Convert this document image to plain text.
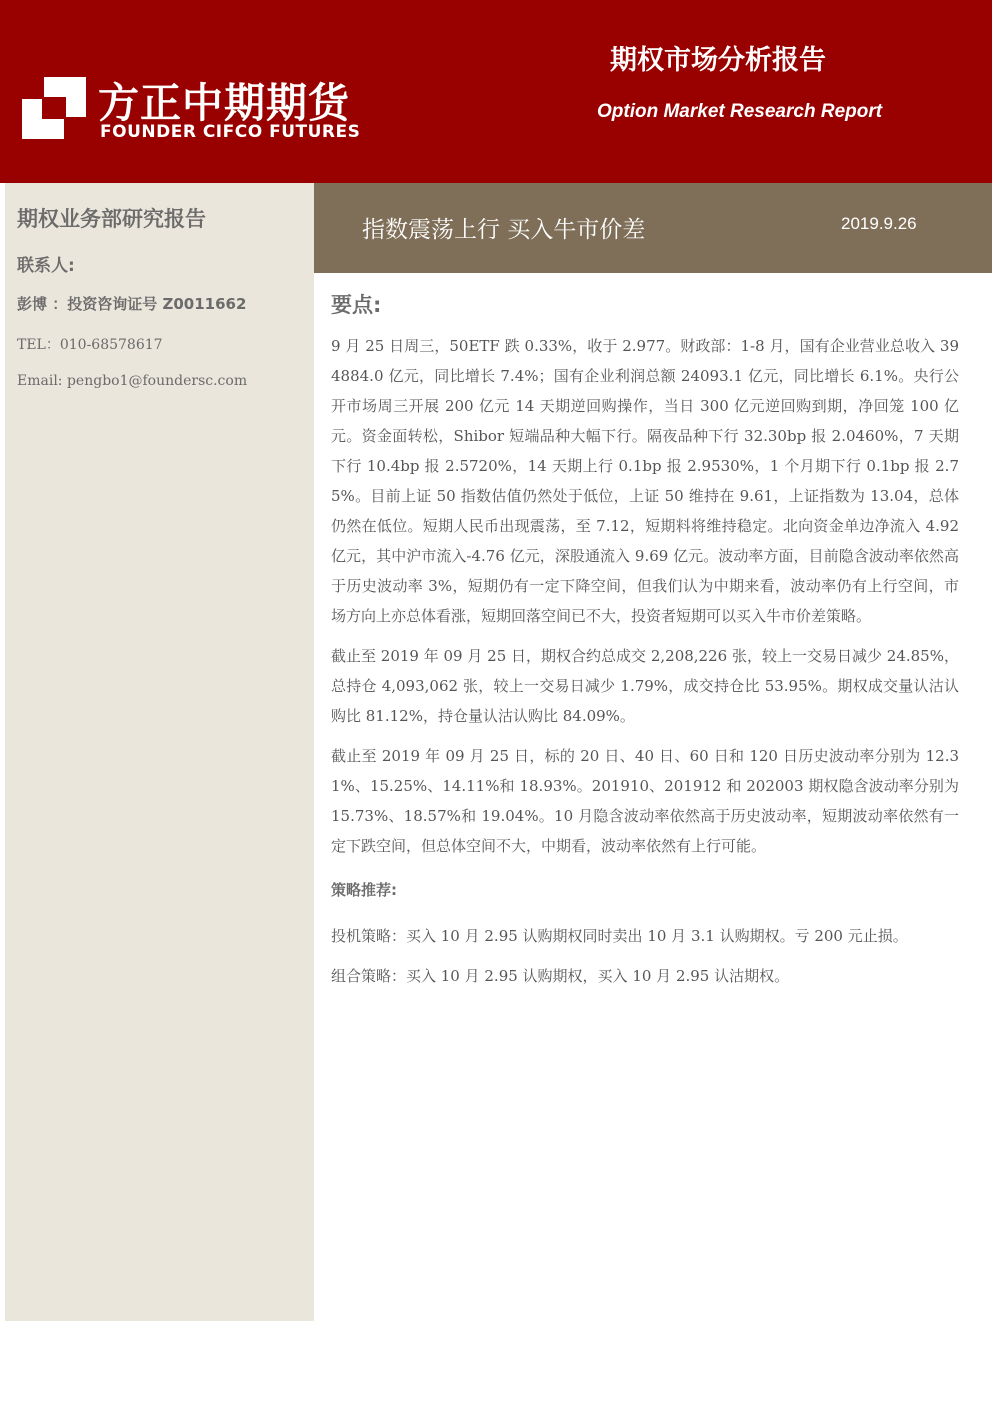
方正中期期货
FOUNDER CIFCO FUTURES
期权市场分析报告
Option Market Research Report
期权业务部研究报告
联系人:
彭博 ：投资咨询证号 Z0011662
TEL：010-68578617
Email: pengbo1@foundersc.com
指数震荡上行 买入牛市价差	2019.9.26
要点:

9 月 25 日周三，50ETF 跌 0.33%，收于 2.977。财政部：1-8 月，国有企业营业总收入 394884.0 亿元，同比增长 7.4%；国有企业利润总额 24093.1 亿元，同比增长 6.1%。央行公开市场周三开展 200 亿元 14 天期逆回购操作，当日 300 亿元逆回购到期，净回笼 100 亿元。资金面转松，Shibor 短端品种大幅下行。隔夜品种下行 32.30bp 报 2.0460%，7 天期下行 10.4bp 报 2.5720%，14 天期上行 0.1bp 报 2.9530%，1 个月期下行 0.1bp 报 2.75%。目前上证 50 指数估值仍然处于低位，上证 50 维持在 9.61，上证指数为 13.04，总体仍然在低位。短期人民币出现震荡，至 7.12，短期料将维持稳定。北向资金单边净流入 4.92 亿元，其中沪市流入-4.76 亿元，深股通流入 9.69 亿元。波动率方面，目前隐含波动率依然高于历史波动率 3%，短期仍有一定下降空间，但我们认为中期来看，波动率仍有上行空间，市场方向上亦总体看涨，短期回落空间已不大，投资者短期可以买入牛市价差策略。

截止至 2019 年 09 月 25 日，期权合约总成交 2,208,226 张，较上一交易日减少 24.85%，总持仓 4,093,062 张，较上一交易日减少 1.79%，成交持仓比 53.95%。期权成交量认沽认购比 81.12%，持仓量认沽认购比 84.09%。

截止至 2019 年 09 月 25 日，标的 20 日、40 日、60 日和 120 日历史波动率分别为 12.31%、15.25%、14.11%和 18.93%。201910、201912 和 202003 期权隐含波动率分别为 15.73%、18.57%和 19.04%。10 月隐含波动率依然高于历史波动率，短期波动率依然有一定下跌空间，但总体空间不大，中期看，波动率依然有上行可能。

策略推荐:

投机策略：买入 10 月 2.95 认购期权同时卖出 10 月 3.1 认购期权。亏 200 元止损。

组合策略：买入 10 月 2.95 认购期权，买入 10 月 2.95 认沽期权。
